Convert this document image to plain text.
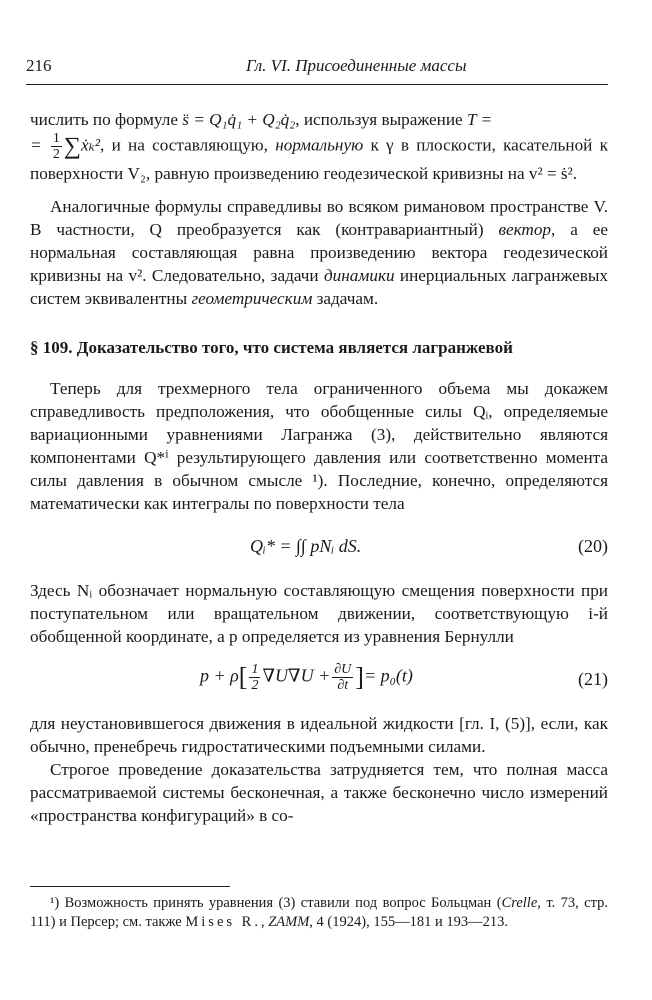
216	Гл. VI. Присоединенные массы

числить по формуле s̈ = Q₁q̇₁ + Q₂q̇₂, используя выражение T =
= $\frac{1}{2}$ ∑ẋₖ², и на составляющую, нормальную к γ в плоскости, касательной к поверхности V₂, равную произведению геодезической кривизны на v² = ṡ².

Аналогичные формулы справедливы во всяком римановом пространстве V. В частности, Q преобразуется как (контравариантный) вектор, а ее нормальная составляющая равна произведению вектора геодезической кривизны на v². Следовательно, задачи динамики инерциальных лагранжевых систем эквивалентны геометрическим задачам.

§ 109. Доказательство того, что система является лагранжевой

Теперь для трехмерного тела ограниченного объема мы докажем справедливость предположения, что обобщенные силы Qᵢ, определяемые вариационными уравнениями Лагранжа (3), действительно являются компонентами Q*ⁱ результирующего давления или соответственно момента силы давления в обычном смысле ¹). Последние, конечно, определяются математически как интегралы по поверхности тела

Qᵢ* = ∫∫ pNᵢ dS.	(20)

Здесь Nᵢ обозначает нормальную составляющую смещения поверхности при поступательном или вращательном движении, соответствующую i-й обобщенной координате, а p определяется из уравнения Бернулли

$p + \rho[ \frac{1}{2} \nabla U\nabla U + \frac{\partial U}{\partial t}$ ]= p₀(t)	(21)

для неустановившегося движения в идеальной жидкости [гл. I, (5)], если, как обычно, пренебречь гидростатическими подъемными силами.

Строгое проведение доказательства затрудняется тем, что полная масса рассматриваемой системы бесконечная, а также бесконечно число измерений «пространства конфигураций» в со-

¹) Возможность принять уравнения (3) ставили под вопрос Больцман (Crelle, т. 73, стр. 111) и Персер; см. также Mises R., ZAMM, 4 (1924), 155—181 и 193—213.
